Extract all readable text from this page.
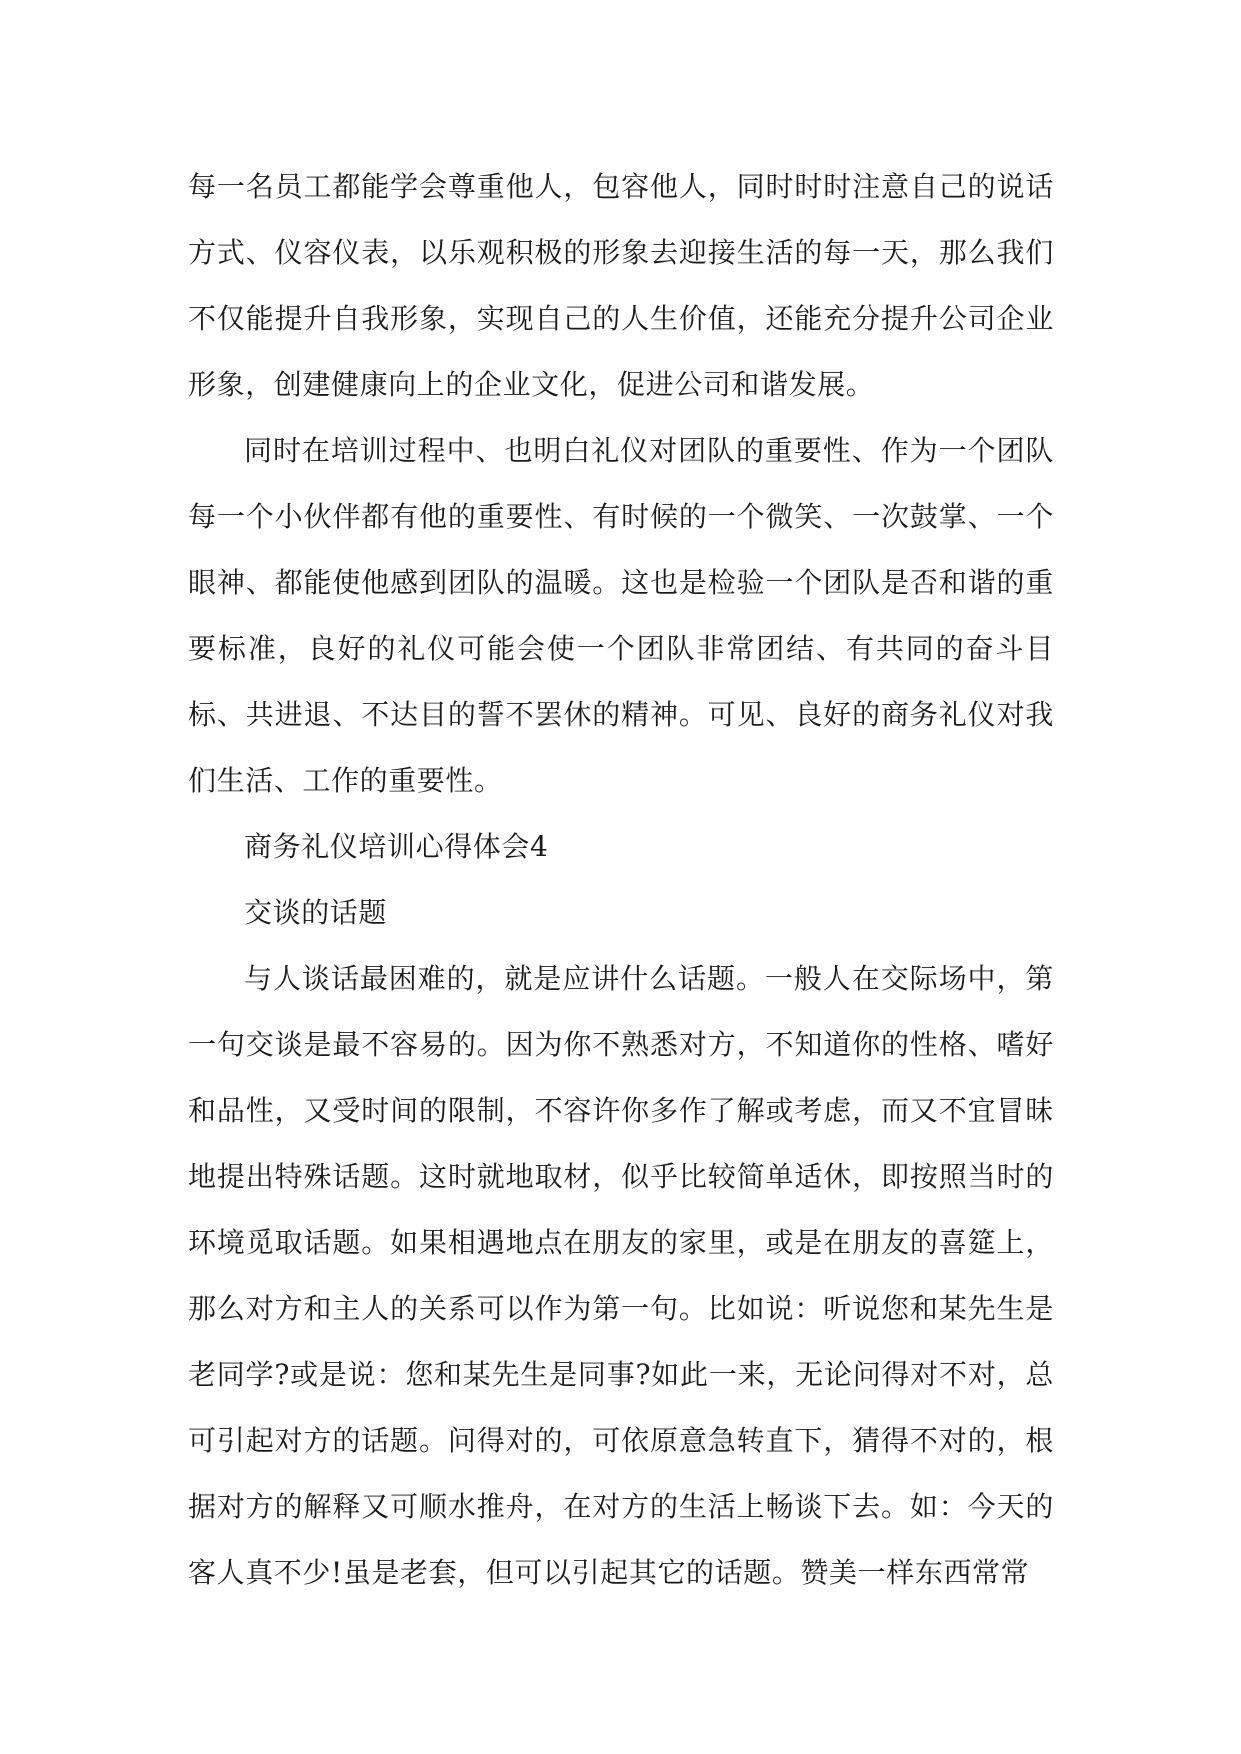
每一名员工都能学会尊重他人，包容他人，同时时时注意自己的说话方式、仪容仪表，以乐观积极的形象去迎接生活的每一天，那么我们不仅能提升自我形象，实现自己的人生价值，还能充分提升公司企业形象，创建健康向上的企业文化，促进公司和谐发展。

同时在培训过程中、也明白礼仪对团队的重要性、作为一个团队每一个小伙伴都有他的重要性、有时候的一个微笑、一次鼓掌、一个眼神、都能使他感到团队的温暖。这也是检验一个团队是否和谐的重要标准，良好的礼仪可能会使一个团队非常团结、有共同的奋斗目标、共进退、不达目的誓不罢休的精神。可见、良好的商务礼仪对我们生活、工作的重要性。

商务礼仪培训心得体会4

交谈的话题

与人谈话最困难的，就是应讲什么话题。一般人在交际场中，第一句交谈是最不容易的。因为你不熟悉对方，不知道你的性格、嗜好和品性，又受时间的限制，不容许你多作了解或考虑，而又不宜冒昧地提出特殊话题。这时就地取材，似乎比较简单适休，即按照当时的环境觅取话题。如果相遇地点在朋友的家里，或是在朋友的喜筵上，那么对方和主人的关系可以作为第一句。比如说：听说您和某先生是老同学?或是说：您和某先生是同事?如此一来，无论问得对不对，总可引起对方的话题。问得对的，可依原意急转直下，猜得不对的，根据对方的解释又可顺水推舟，在对方的生活上畅谈下去。如：今天的客人真不少!虽是老套，但可以引起其它的话题。赞美一样东西常常
